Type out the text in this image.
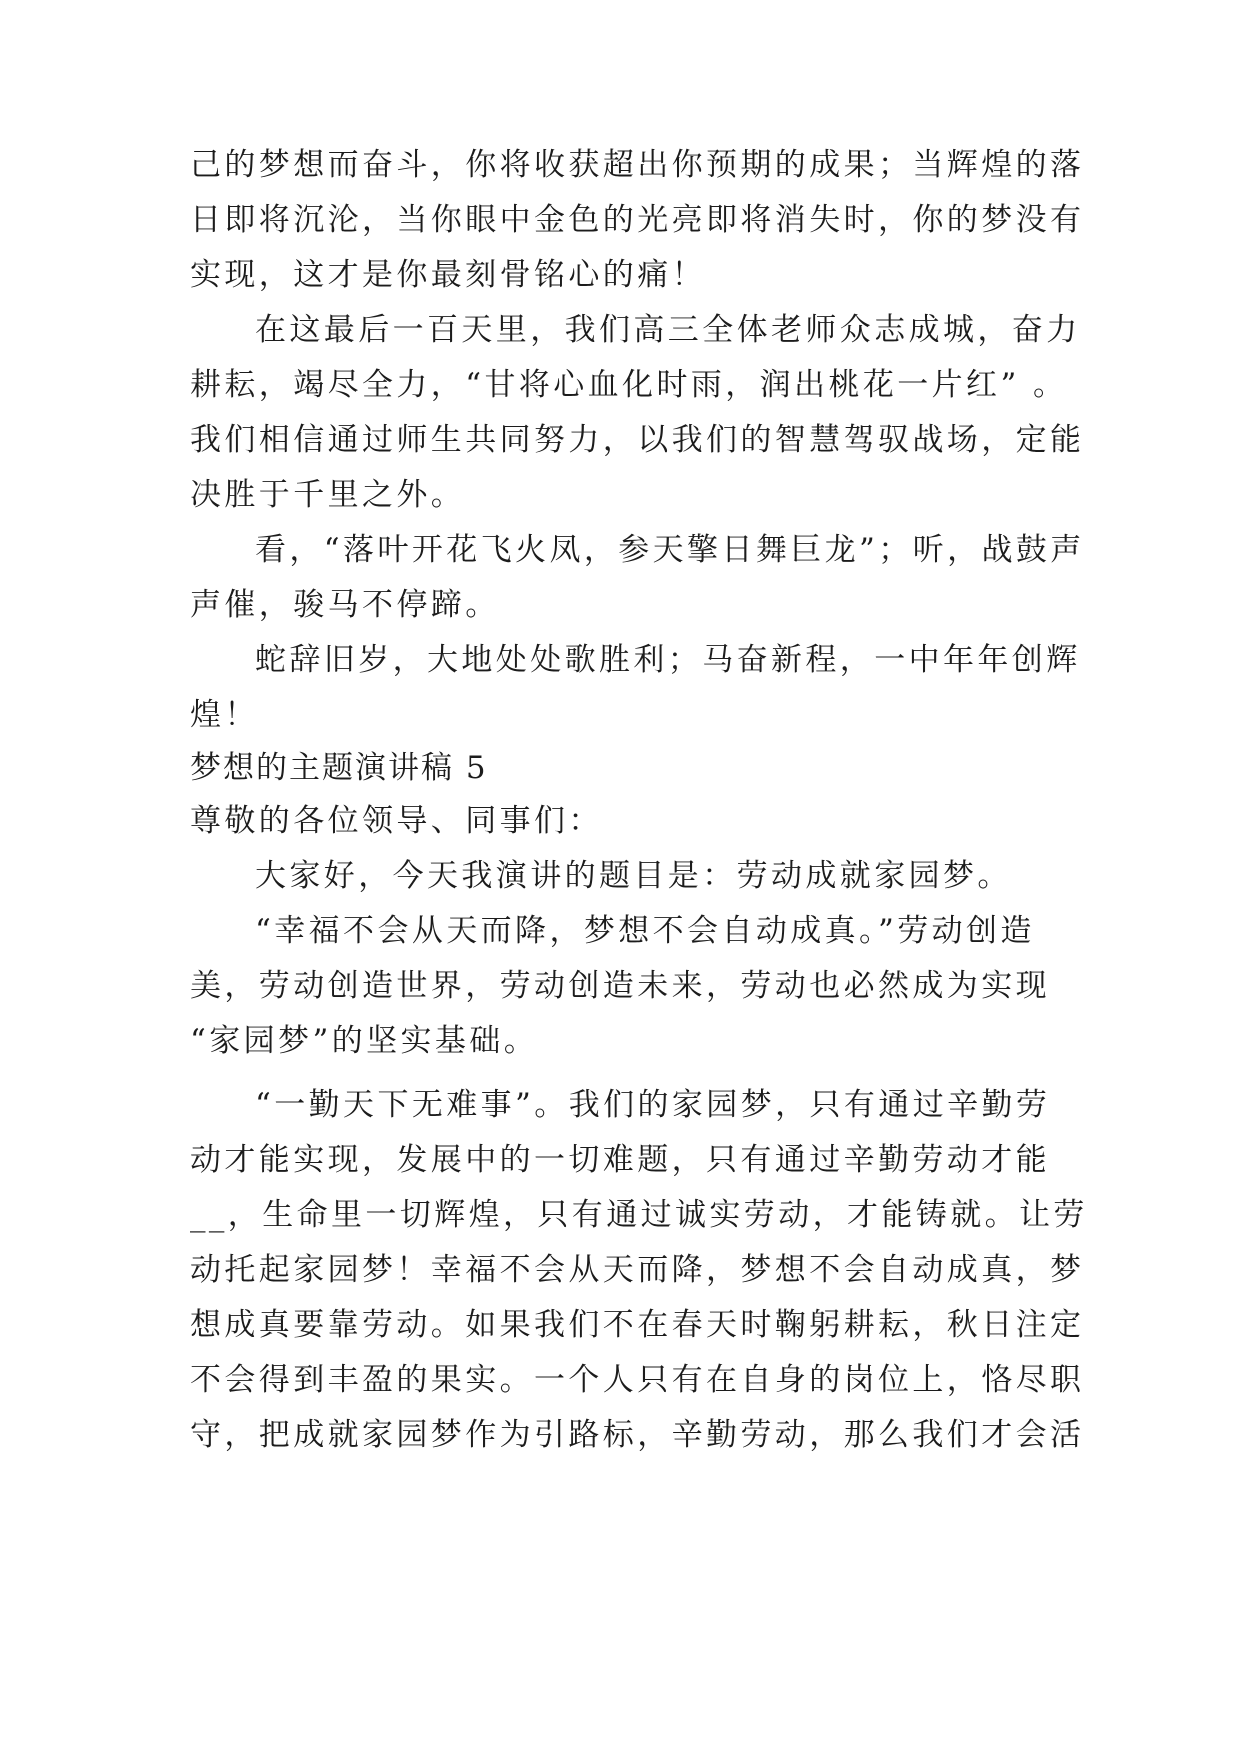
己的梦想而奋斗，你将收获超出你预期的成果；当辉煌的落
日即将沉沦，当你眼中金色的光亮即将消失时，你的梦没有
实现，这才是你最刻骨铭心的痛！
在这最后一百天里，我们高三全体老师众志成城，奋力
耕耘，竭尽全力，“甘将心血化时雨，润出桃花一片红” 。
我们相信通过师生共同努力，以我们的智慧驾驭战场，定能
决胜于千里之外。
看，“落叶开花飞火凤，参天擎日舞巨龙”；听，战鼓声
声催，骏马不停蹄。
蛇辞旧岁，大地处处歌胜利；马奋新程，一中年年创辉
煌！
梦想的主题演讲稿 5
尊敬的各位领导、同事们：
大家好，今天我演讲的题目是：劳动成就家园梦。
“幸福不会从天而降，梦想不会自动成真。”劳动创造
美，劳动创造世界，劳动创造未来，劳动也必然成为实现
“家园梦”的坚实基础。
“一勤天下无难事”。我们的家园梦，只有通过辛勤劳
动才能实现，发展中的一切难题，只有通过辛勤劳动才能
__，生命里一切辉煌，只有通过诚实劳动，才能铸就。让劳
动托起家园梦！幸福不会从天而降，梦想不会自动成真，梦
想成真要靠劳动。如果我们不在春天时鞠躬耕耘，秋日注定
不会得到丰盈的果实。一个人只有在自身的岗位上，恪尽职
守，把成就家园梦作为引路标，辛勤劳动，那么我们才会活
